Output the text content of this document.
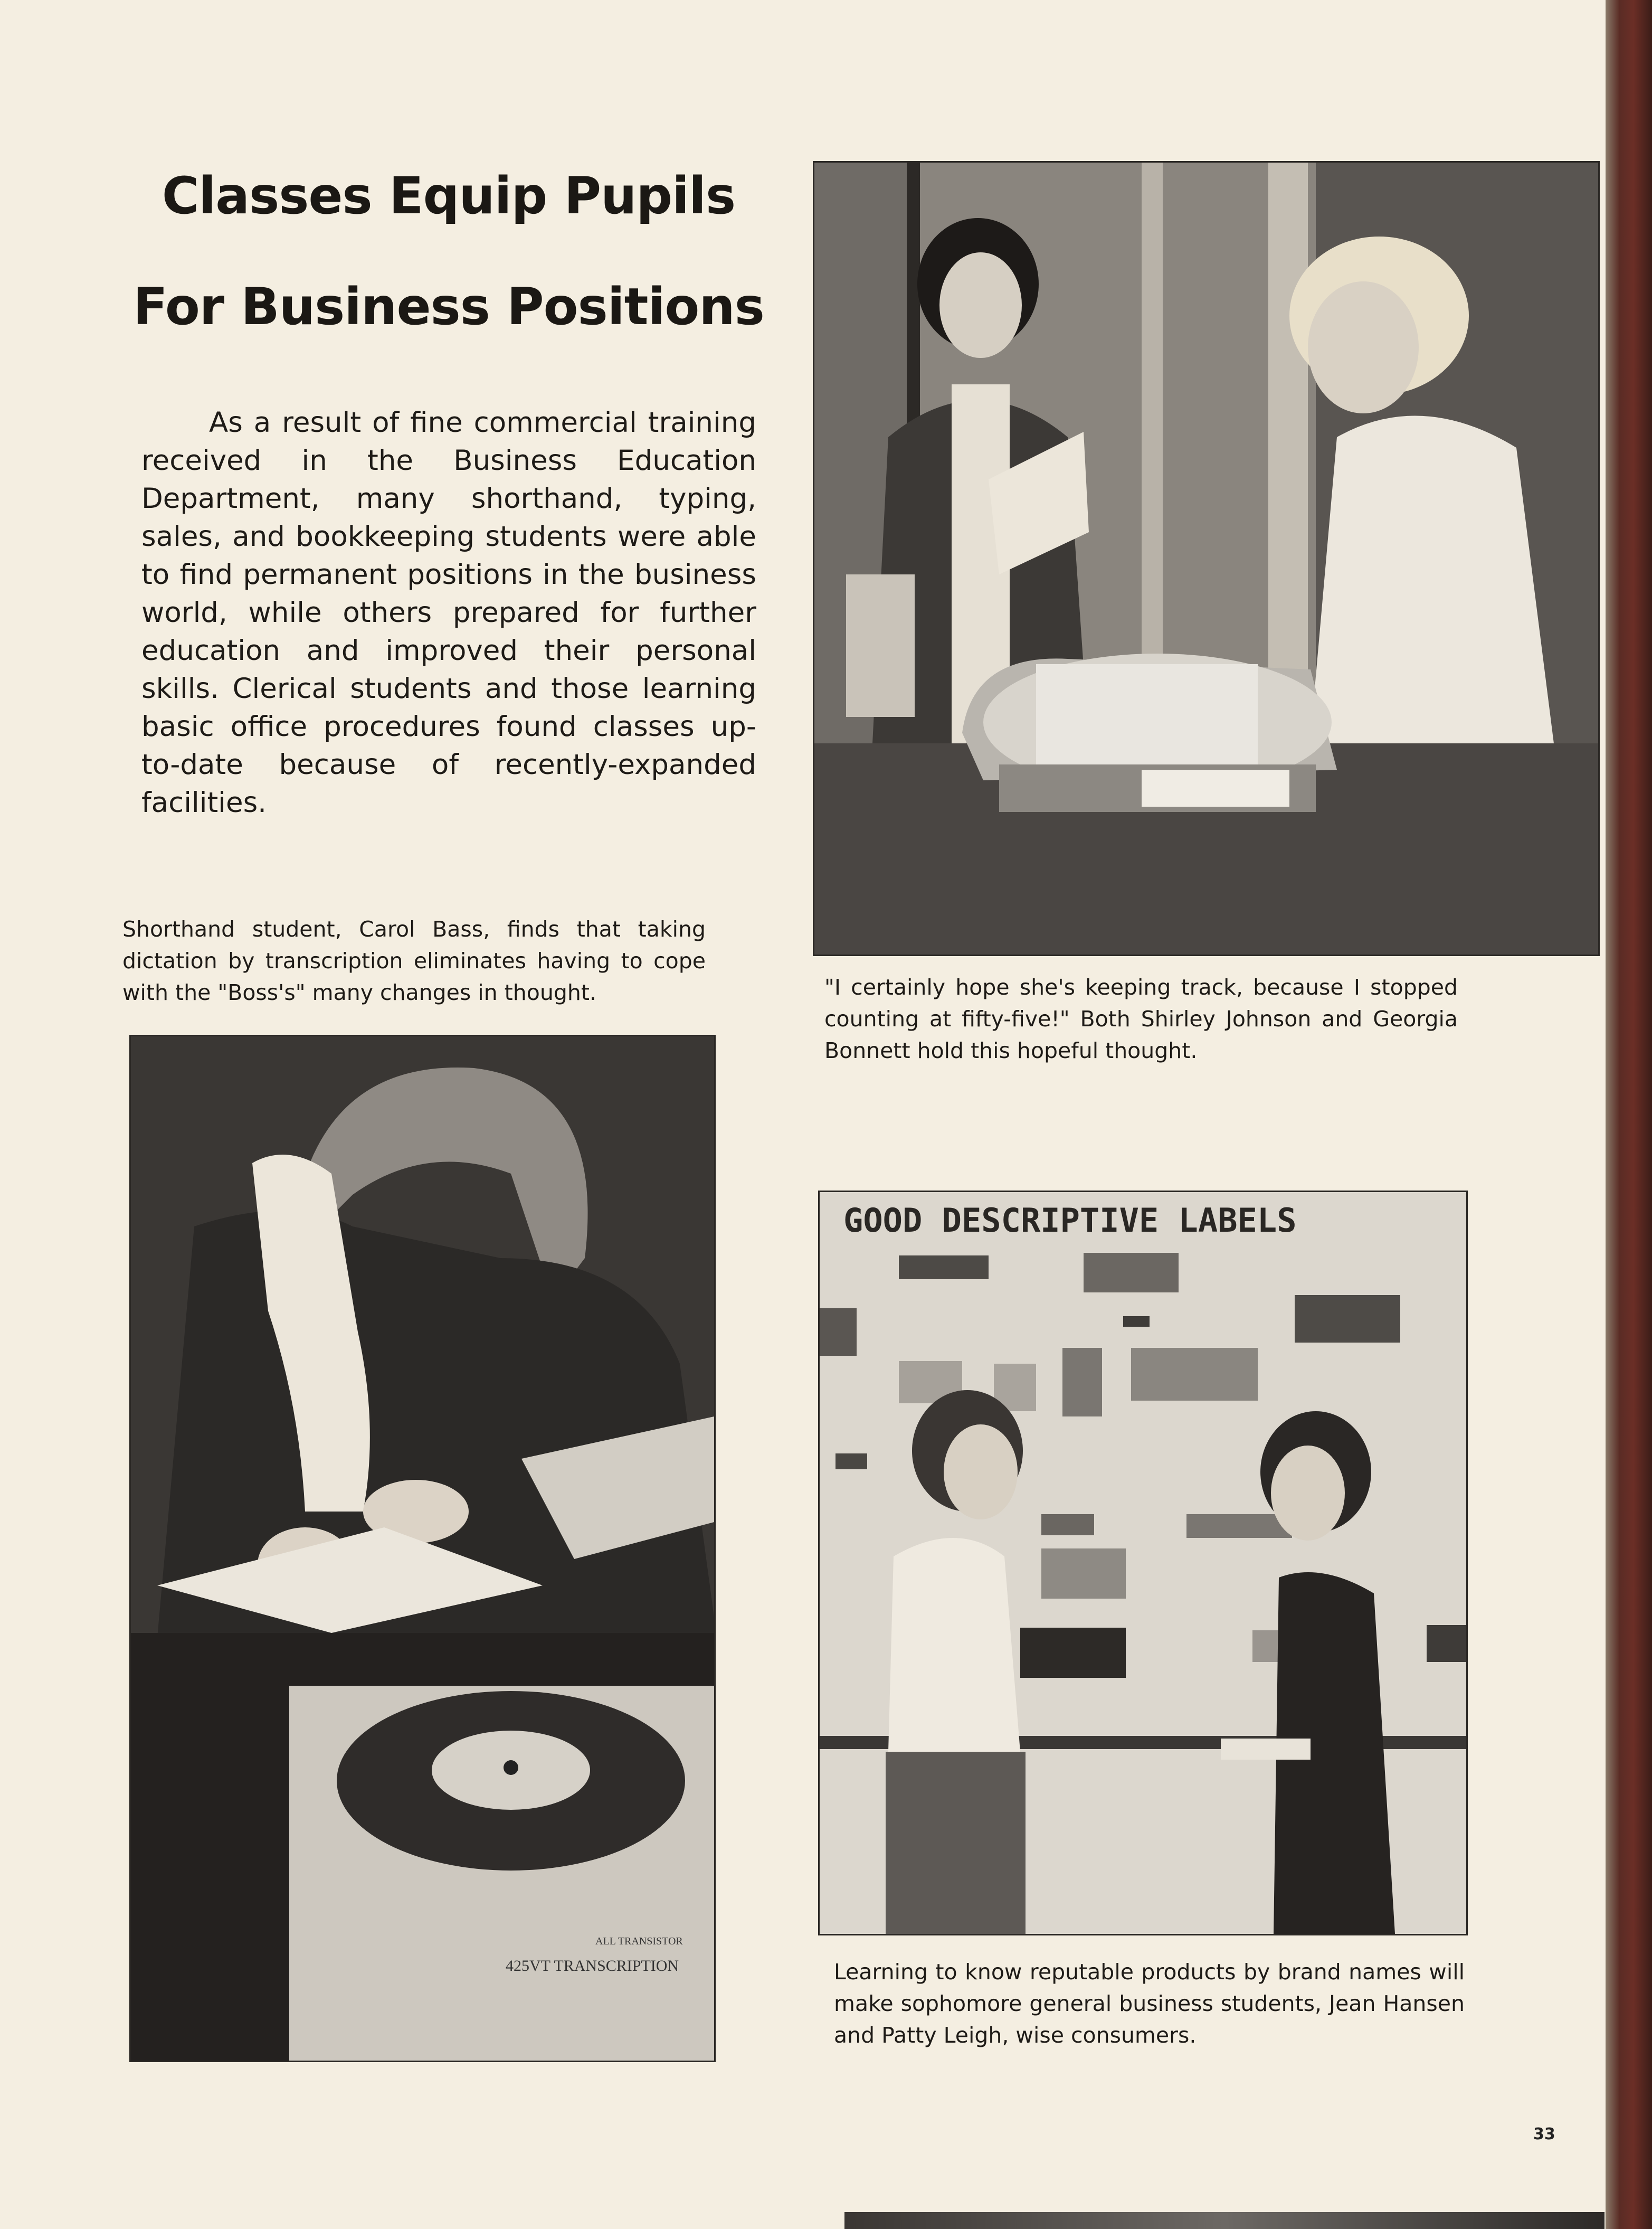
Classes Equip Pupils
For Business Positions

As a result of fine commercial training received in the Business Education Department, many shorthand, typing, sales, and bookkeeping students were able to find permanent positions in the business world, while others prepared for further education and improved their personal skills. Clerical students and those learning basic office procedures found classes up-to-date because of recently-expanded facilities.

Shorthand student, Carol Bass, finds that taking dictation by transcription eliminates having to cope with the "Boss's" many changes in thought.	"I certainly hope she's keeping track, because I stopped counting at fifty-five!" Both Shirley Johnson and Georgia Bonnett hold this hopeful thought.

425VT TRANSCRIPTION
ALL TRANSISTOR
GOOD DESCRIPTIVE LABELS

Learning to know reputable products by brand names will make sophomore general business students, Jean Hansen and Patty Leigh, wise consumers.

33
